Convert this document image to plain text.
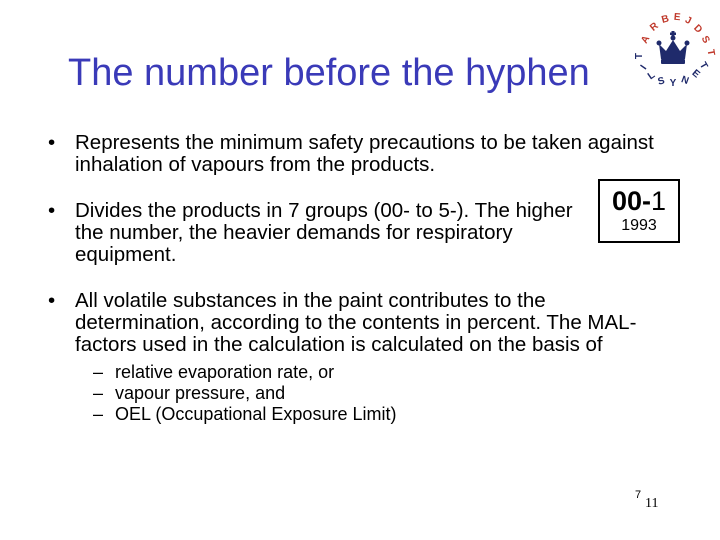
The number before the hyphen
A
R
B E J
D
S
T
T
I
L S Y N
E
T
00-1
1993
• Represents the minimum safety precautions to be taken against inhalation of vapours from the products.
• Divides the products in 7 groups (00- to 5-). The higher the number, the heavier demands for respiratory equipment.
• All volatile substances in the paint contributes to the determination, according to the contents in percent. The MAL-factors used in the calculation is calculated on the basis of
– relative evaporation rate, or
– vapour pressure, and
– OEL (Occupational Exposure Limit)
7
11
